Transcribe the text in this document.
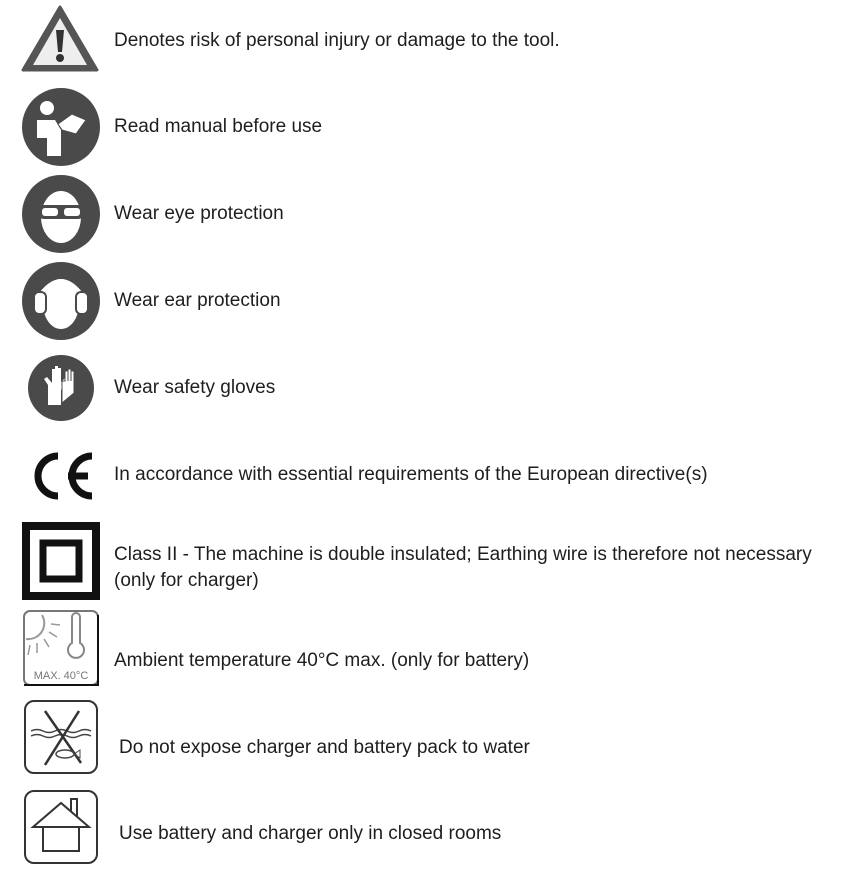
Denotes risk of personal injury or damage to the tool.
Read manual before use
Wear eye protection
Wear ear protection
Wear safety gloves
In accordance with essential requirements of the European directive(s)
Class II - The machine is double insulated; Earthing wire is therefore not necessary
(only for charger)
MAX. 40°C
Ambient temperature 40°C max. (only for battery)
Do not expose charger and battery pack to water
Use battery and charger only in closed rooms
